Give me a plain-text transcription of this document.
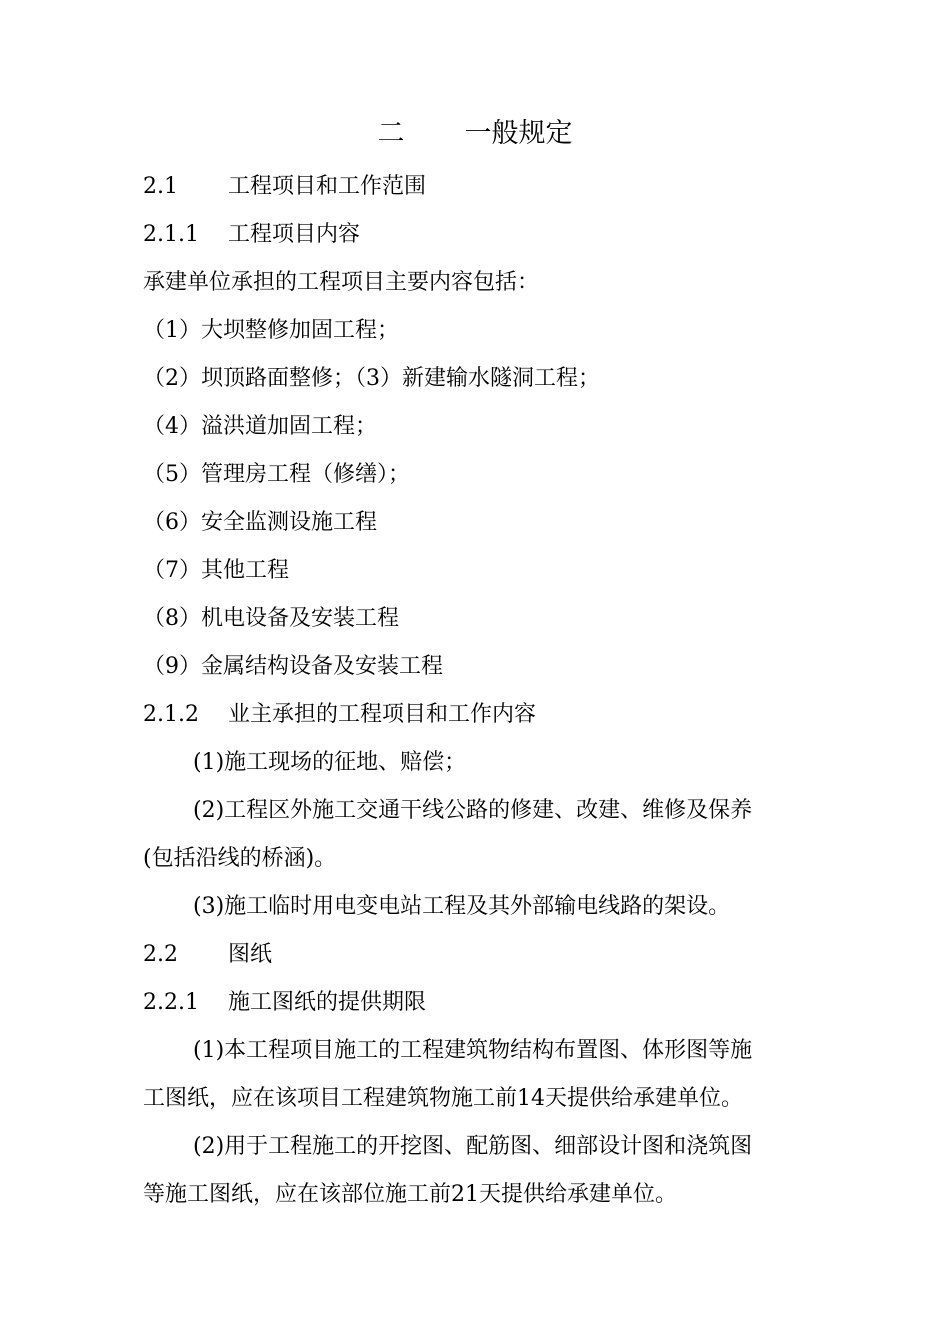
二 一般规定
2.1 工程项目和工作范围
2.1.1 工程项目内容
承建单位承担的工程项目主要内容包括：
（1）大坝整修加固工程；
（2）坝顶路面整修；（3）新建输水隧洞工程；
（4）溢洪道加固工程；
（5）管理房工程（修缮）；
（6）安全监测设施工程
（7）其他工程
（8）机电设备及安装工程
（9）金属结构设备及安装工程
2.1.2 业主承担的工程项目和工作内容
(1)施工现场的征地、赔偿；
(2)工程区外施工交通干线公路的修建、改建、维修及保养
(包括沿线的桥涵)。
(3)施工临时用电变电站工程及其外部输电线路的架设。
2.2 图纸
2.2.1 施工图纸的提供期限
(1)本工程项目施工的工程建筑物结构布置图、体形图等施
工图纸，应在该项目工程建筑物施工前14天提供给承建单位。
(2)用于工程施工的开挖图、配筋图、细部设计图和浇筑图
等施工图纸，应在该部位施工前21天提供给承建单位。
